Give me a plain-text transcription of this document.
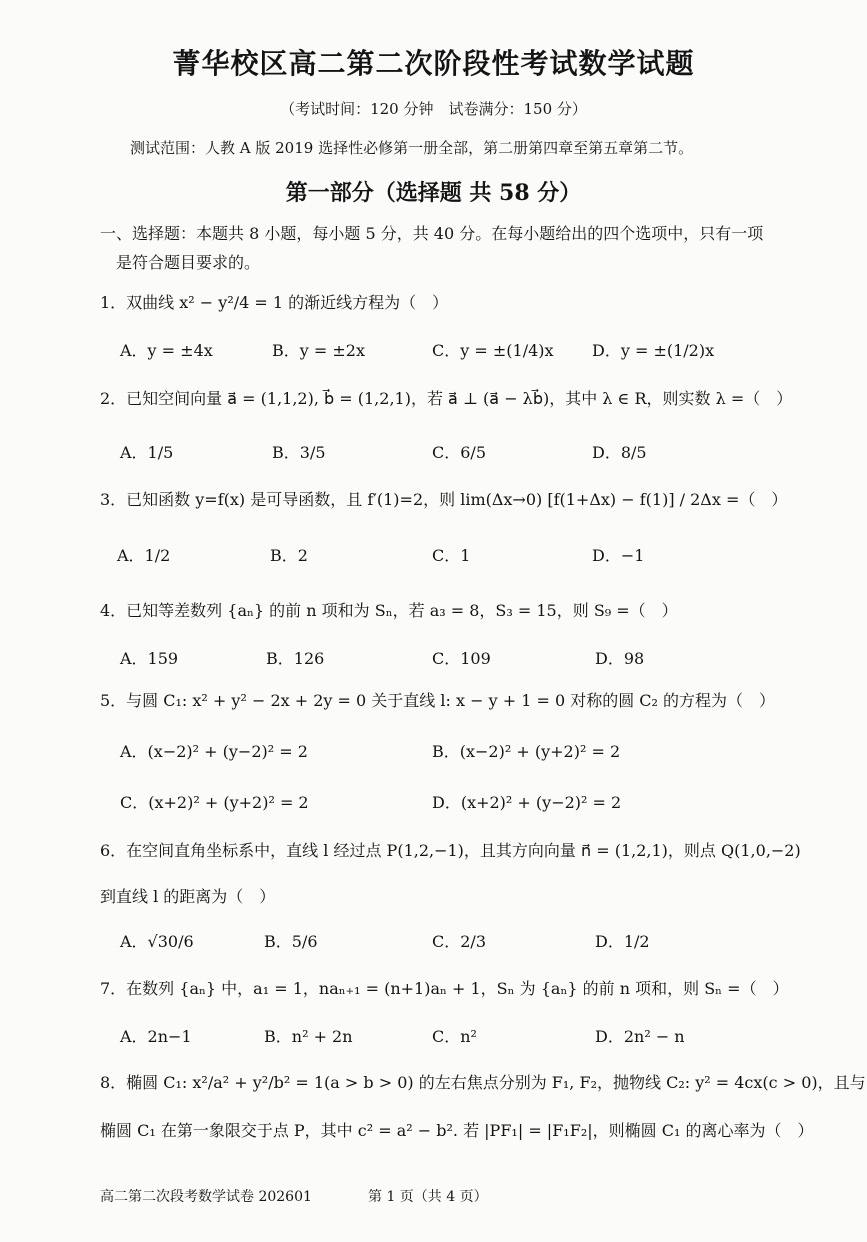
菁华校区高二第二次阶段性考试数学试题
（考试时间：120 分钟　试卷满分：150 分）
测试范围：人教 A 版 2019 选择性必修第一册全部，第二册第四章至第五章第二节。
第一部分（选择题 共 58 分）
一、选择题：本题共 8 小题，每小题 5 分，共 40 分。在每小题给出的四个选项中，只有一项
是符合题目要求的。
1．双曲线 x² − y²/4 = 1 的渐近线方程为（　）
A．y = ±4x	B．y = ±2x	C．y = ±(1/4)x D．y = ±(1/2)x
2．已知空间向量 a⃗ = (1,1,2), b⃗ = (1,2,1)，若 a⃗ ⊥ (a⃗ − λb⃗)，其中 λ ∈ R，则实数 λ =（　）
A．1/5	B．3/5	C．6/5	D．8/5
3．已知函数 y=f(x) 是可导函数，且 f′(1)=2，则 lim(Δx→0) [f(1+Δx) − f(1)] / 2Δx =（　）
A．1/2	B．2	C．1	D．−1
4．已知等差数列 {aₙ} 的前 n 项和为 Sₙ，若 a₃ = 8，S₃ = 15，则 S₉ =（　）
A．159	B．126	C．109	D．98
5．与圆 C₁: x² + y² − 2x + 2y = 0 关于直线 l: x − y + 1 = 0 对称的圆 C₂ 的方程为（　）
A．(x−2)² + (y−2)² = 2	B．(x−2)² + (y+2)² = 2
C．(x+2)² + (y+2)² = 2	D．(x+2)² + (y−2)² = 2
6．在空间直角坐标系中，直线 l 经过点 P(1,2,−1)，且其方向向量 n⃗ = (1,2,1)，则点 Q(1,0,−2)
到直线 l 的距离为（　）
A．√30/6	B．5/6	C．2/3	D．1/2
7．在数列 {aₙ} 中，a₁ = 1，naₙ₊₁ = (n+1)aₙ + 1，Sₙ 为 {aₙ} 的前 n 项和，则 Sₙ =（　）
A．2n−1	B．n² + 2n	C．n²	D．2n² − n
8．椭圆 C₁: x²/a² + y²/b² = 1(a > b > 0) 的左右焦点分别为 F₁, F₂，抛物线 C₂: y² = 4cx(c > 0)，且与
椭圆 C₁ 在第一象限交于点 P，其中 c² = a² − b². 若 |PF₁| = |F₁F₂|，则椭圆 C₁ 的离心率为（　）
高二第二次段考数学试卷 202601	第 1 页（共 4 页）
